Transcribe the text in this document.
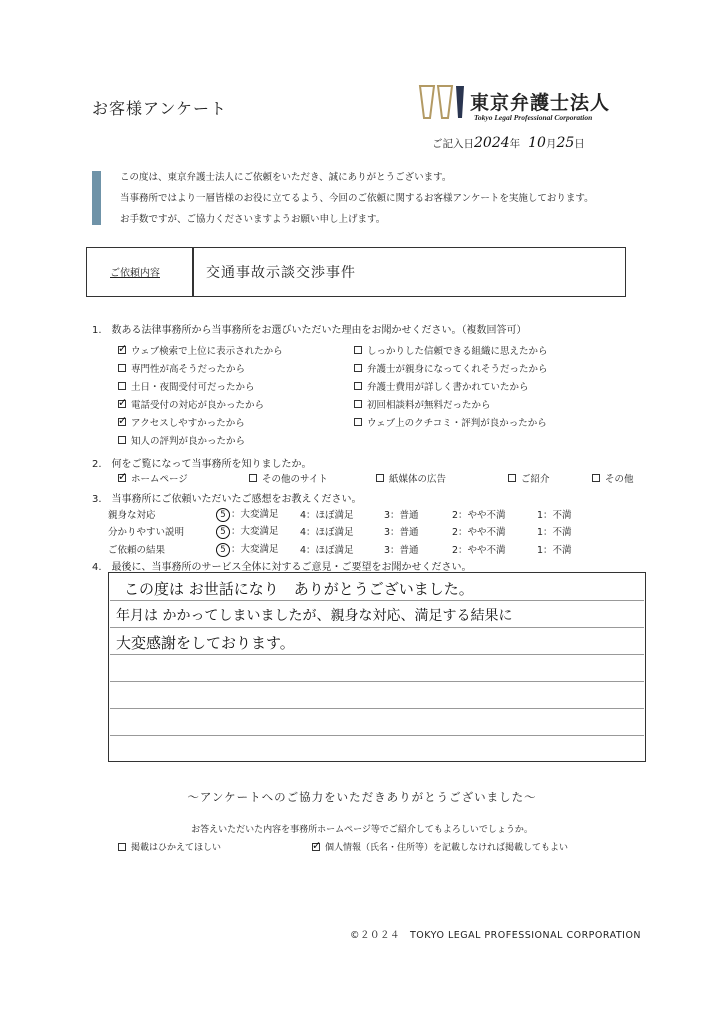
お客様アンケート	東京弁護士法人
Tokyo Legal Professional Corporation
ご記入日 2024 年 10 月 25 日
この度は、東京弁護士法人にご依頼をいただき、誠にありがとうございます。
当事務所ではより一層皆様のお役に立てるよう、今回のご依頼に関するお客様アンケートを実施しております。
お手数ですが、ご協力くださいますようお願い申し上げます。
ご依頼内容	交通事故示談交渉事件
1.　数ある法律事務所から当事務所をお選びいただいた理由をお聞かせください。（複数回答可）
✓
ウェブ検索で上位に表示されたから	しっかりした信頼できる組織に思えたから
専門性が高そうだったから	弁護士が親身になってくれそうだったから
土日・夜間受付可だったから	弁護士費用が詳しく書かれていたから
✓
電話受付の対応が良かったから	初回相談料が無料だったから
✓
アクセスしやすかったから	ウェブ上のクチコミ・評判が良かったから
知人の評判が良かったから
2.　何をご覧になって当事務所を知りましたか。
✓
ホームページ	その他のサイト	紙媒体の広告	ご紹介	その他
3.　当事務所にご依頼いただいたご感想をお教えください。
親身な対応	5 ：大変満足 4：ほぼ満足	3：普通	2：やや不満	1：不満
分かりやすい説明	5 ：大変満足 4：ほぼ満足	3：普通	2：やや不満	1：不満
ご依頼の結果	5 ：大変満足 4：ほぼ満足	3：普通	2：やや不満	1：不満
4.　最後に、当事務所のサービス全体に対するご意見・ご要望をお聞かせください。
この度は お世話になり　ありがとうございました。
年月は かかってしまいましたが、親身な対応、満足する結果に
大変感謝をしております。
～アンケートへのご協力をいただきありがとうございました～
お答えいただいた内容を事務所ホームページ等でご紹介してもよろしいでしょうか。
掲載はひかえてほしい
✓	個人情報（氏名・住所等）を記載しなければ掲載してもよい
©２０２４　TOKYO LEGAL PROFESSIONAL CORPORATION
